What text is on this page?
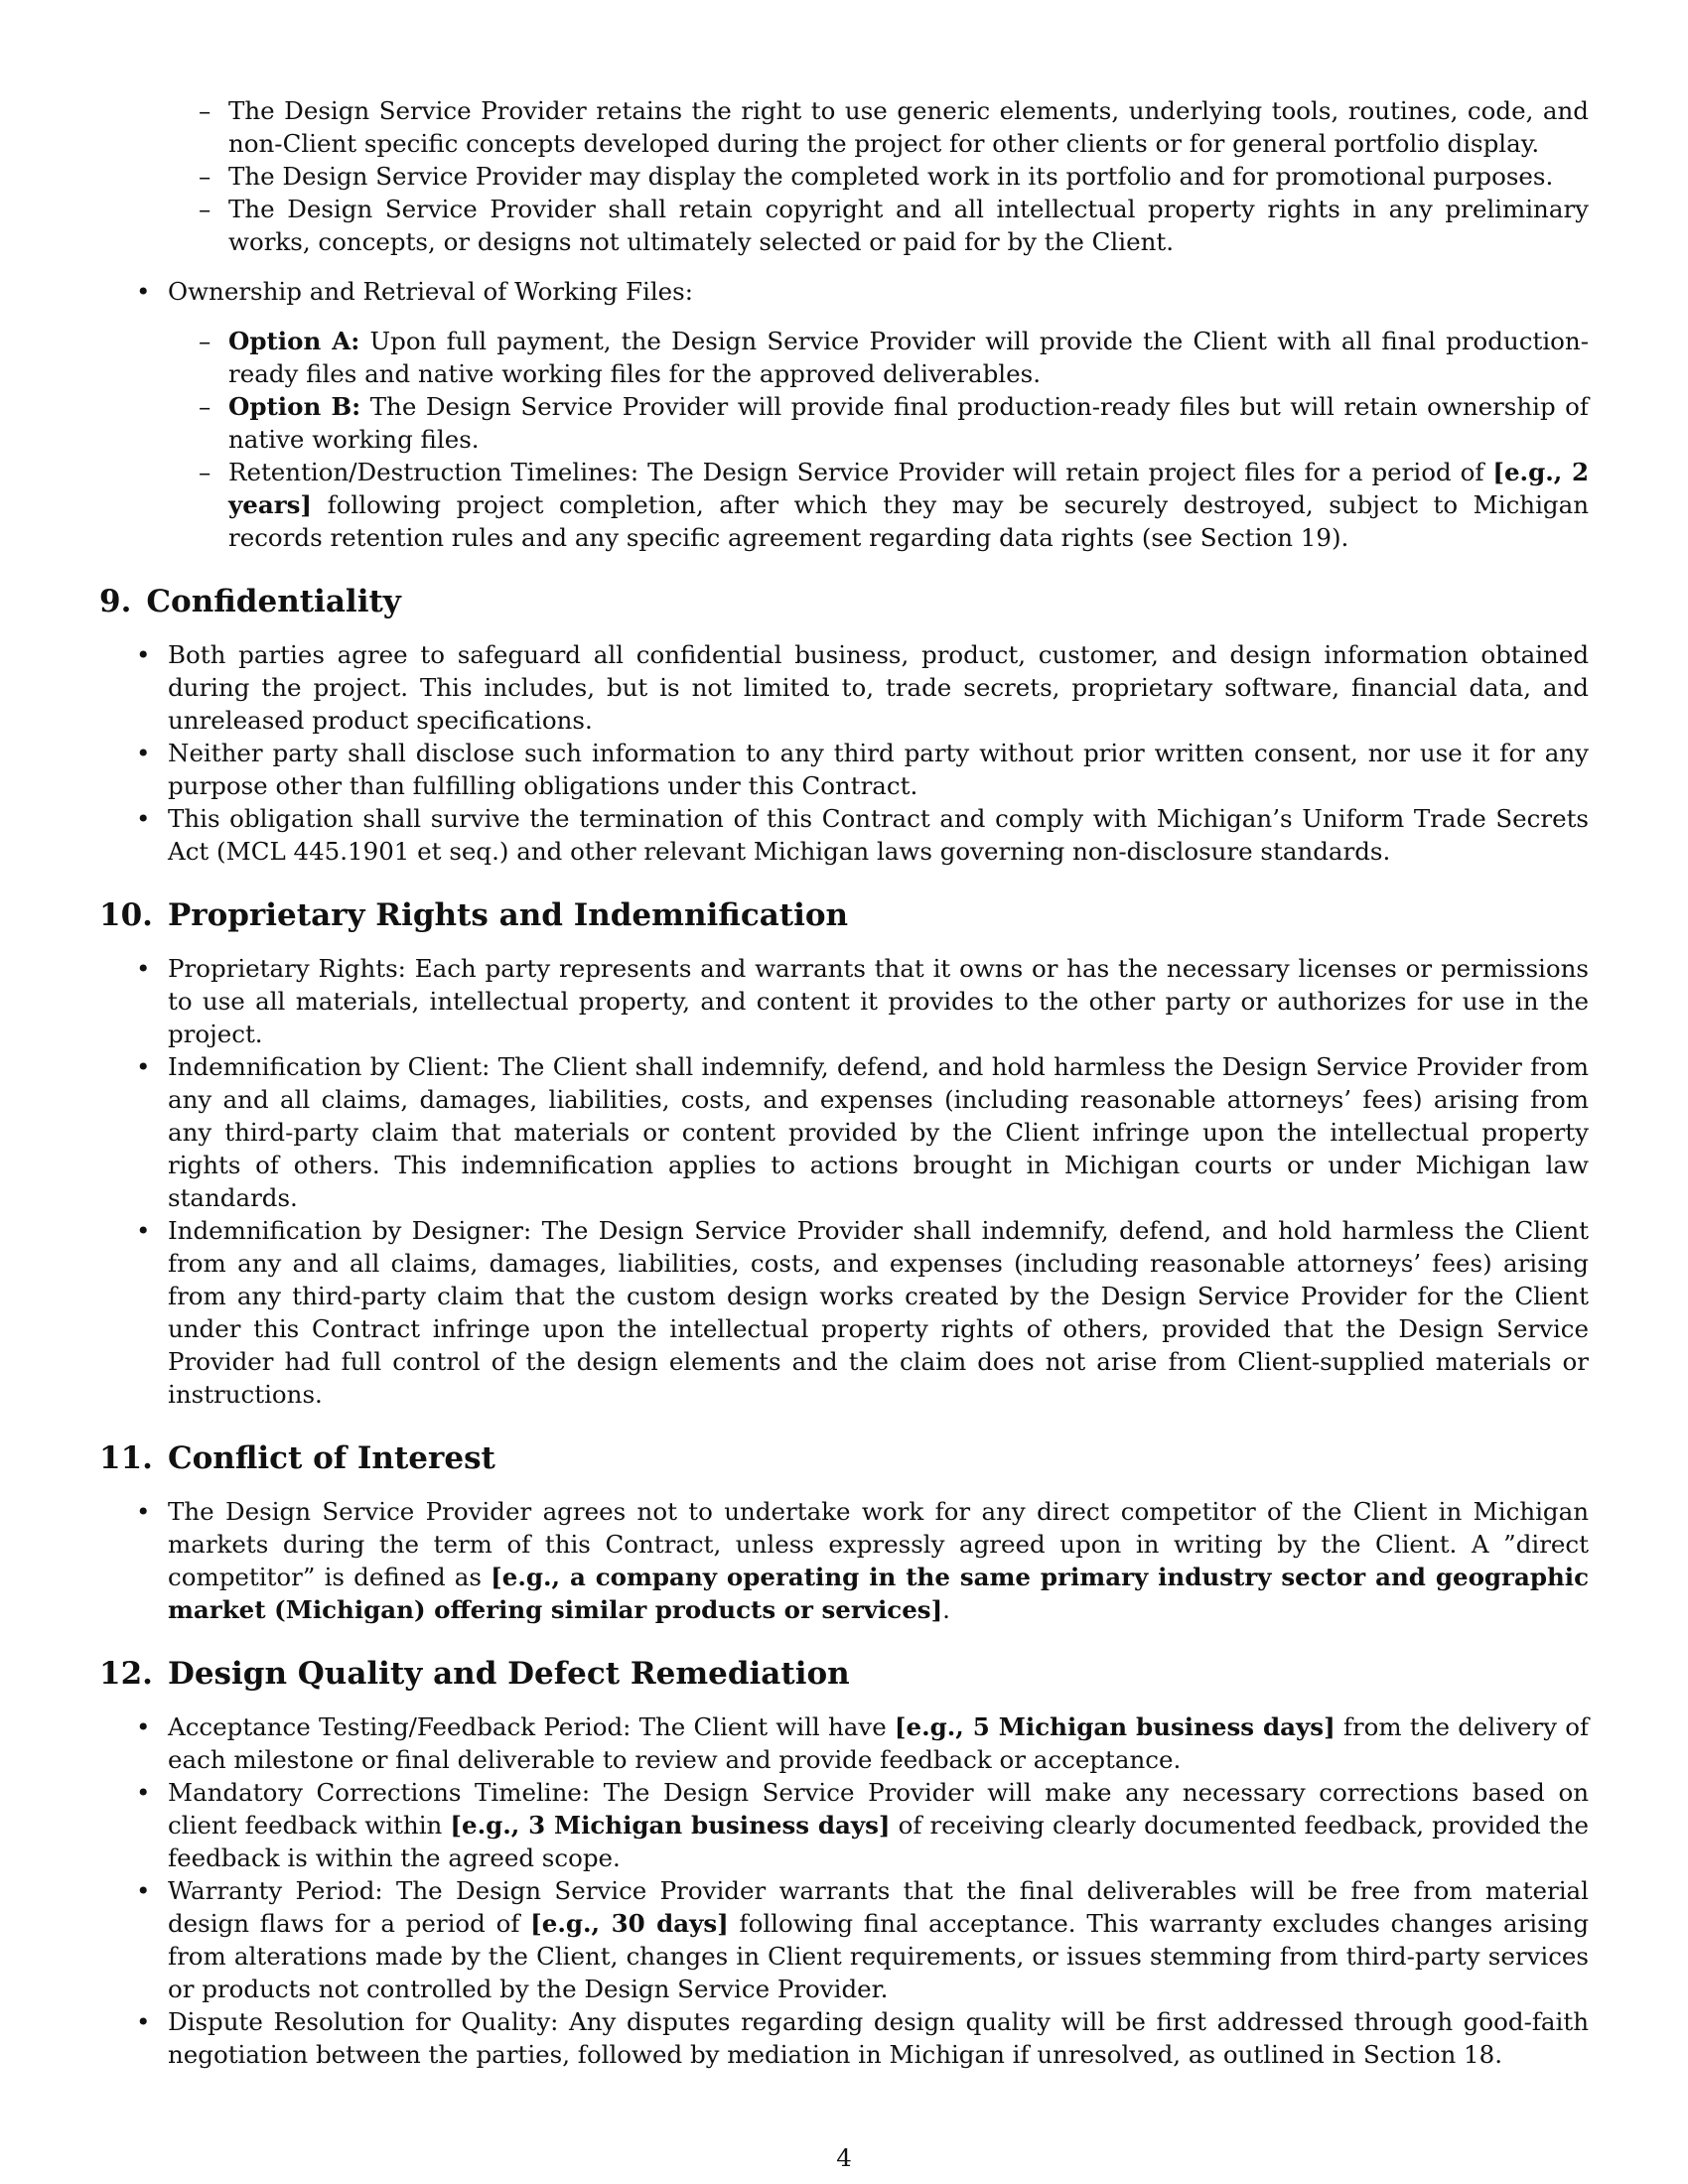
– The Design Service Provider retains the right to use generic elements, underlying tools, routines, code, and non-Client specific concepts developed during the project for other clients or for general portfolio display.
– The Design Service Provider may display the completed work in its portfolio and for promotional purposes.
– The Design Service Provider shall retain copyright and all intellectual property rights in any preliminary works, concepts, or designs not ultimately selected or paid for by the Client.
• Ownership and Retrieval of Working Files:
– Option A: Upon full payment, the Design Service Provider will provide the Client with all final production-ready files and native working files for the approved deliverables.
– Option B: The Design Service Provider will provide final production-ready files but will retain ownership of native working files.
– Retention/Destruction Timelines: The Design Service Provider will retain project files for a period of [e.g., 2 years] following project completion, after which they may be securely destroyed, subject to Michigan records retention rules and any specific agreement regarding data rights (see Section 19).
9. Confidentiality
• Both parties agree to safeguard all confidential business, product, customer, and design information obtained during the project. This includes, but is not limited to, trade secrets, proprietary software, financial data, and unreleased product specifications.
• Neither party shall disclose such information to any third party without prior written consent, nor use it for any purpose other than fulfilling obligations under this Contract.
• This obligation shall survive the termination of this Contract and comply with Michigan’s Uniform Trade Secrets Act (MCL 445.1901 et seq.) and other relevant Michigan laws governing non-disclosure standards.
10. Proprietary Rights and Indemnification
• Proprietary Rights: Each party represents and warrants that it owns or has the necessary licenses or permissions to use all materials, intellectual property, and content it provides to the other party or authorizes for use in the project.
• Indemnification by Client: The Client shall indemnify, defend, and hold harmless the Design Service Provider from any and all claims, damages, liabilities, costs, and expenses (including reasonable attorneys’ fees) arising from any third-party claim that materials or content provided by the Client infringe upon the intellectual property rights of others. This indemnification applies to actions brought in Michigan courts or under Michigan law standards.
• Indemnification by Designer: The Design Service Provider shall indemnify, defend, and hold harmless the Client from any and all claims, damages, liabilities, costs, and expenses (including reasonable attorneys’ fees) arising from any third-party claim that the custom design works created by the Design Service Provider for the Client under this Contract infringe upon the intellectual property rights of others, provided that the Design Service Provider had full control of the design elements and the claim does not arise from Client-supplied materials or instructions.
11. Conflict of Interest
• The Design Service Provider agrees not to undertake work for any direct competitor of the Client in Michigan markets during the term of this Contract, unless expressly agreed upon in writing by the Client. A ”direct competitor” is defined as [e.g., a company operating in the same primary industry sector and geographic market (Michigan) offering similar products or services].
12. Design Quality and Defect Remediation
• Acceptance Testing/Feedback Period: The Client will have [e.g., 5 Michigan business days] from the delivery of each milestone or final deliverable to review and provide feedback or acceptance.
• Mandatory Corrections Timeline: The Design Service Provider will make any necessary corrections based on client feedback within [e.g., 3 Michigan business days] of receiving clearly documented feedback, provided the feedback is within the agreed scope.
• Warranty Period: The Design Service Provider warrants that the final deliverables will be free from material design flaws for a period of [e.g., 30 days] following final acceptance. This warranty excludes changes arising from alterations made by the Client, changes in Client requirements, or issues stemming from third-party services or products not controlled by the Design Service Provider.
• Dispute Resolution for Quality: Any disputes regarding design quality will be first addressed through good-faith negotiation between the parties, followed by mediation in Michigan if unresolved, as outlined in Section 18.
4
